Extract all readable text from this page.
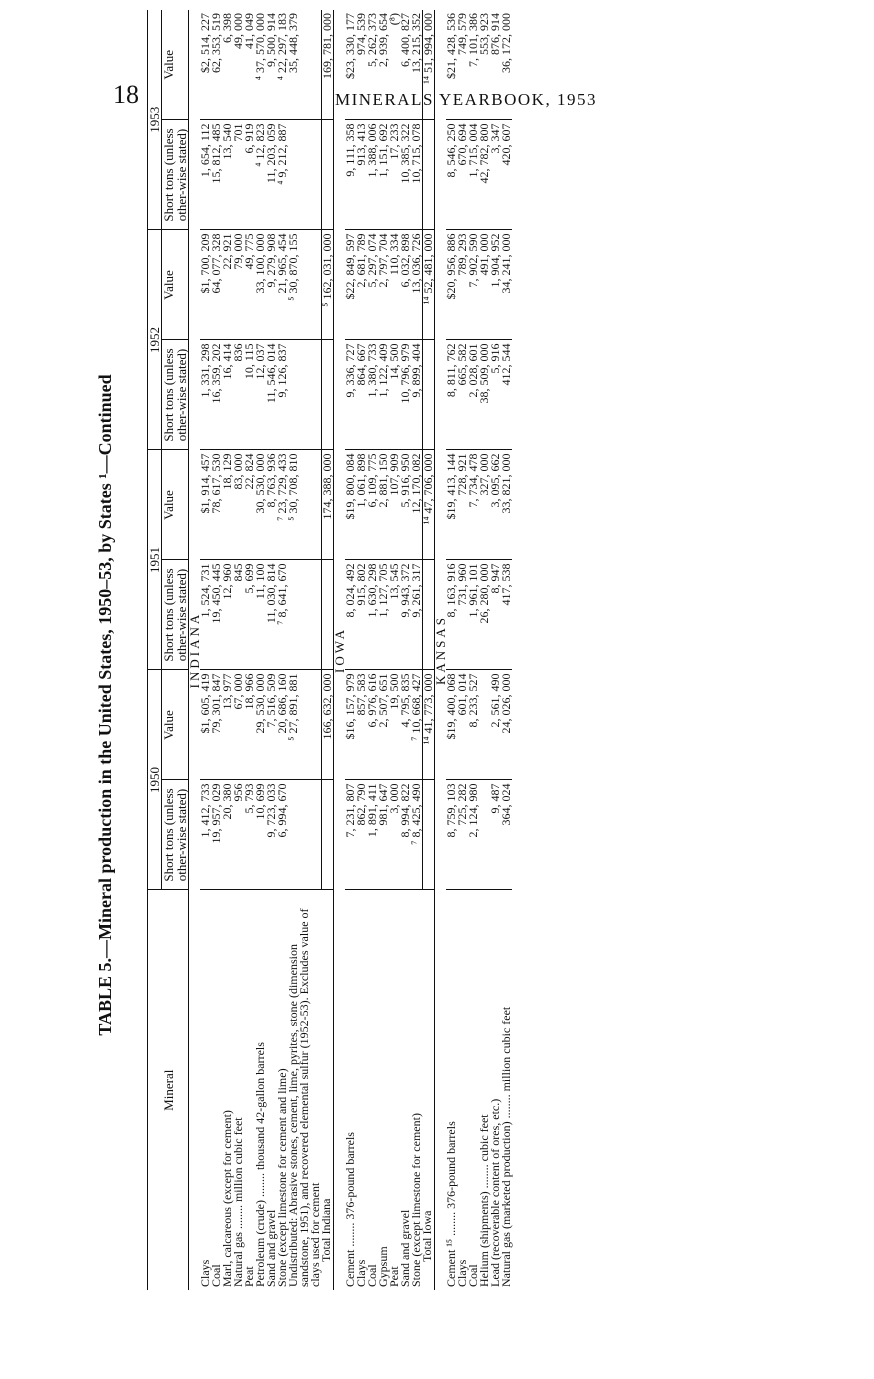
18	MINERALS YEARBOOK, 1953
TABLE 5.—Mineral production in the United States, 1950–53, by States ¹—Continued
Mineral	1950		1951		1952		1953	
	Short tons (unless other-wise stated)	Value	Short tons (unless other-wise stated)	Value	Short tons (unless other-wise stated)	Value	Short tons (unless other-wise stated)	Value
INDIANA								
Clays	1, 412, 733	$1, 605, 419	1, 524, 731	$1, 914, 457	1, 331, 298	$1, 700, 209	1, 654, 112	$2, 514, 227
Coal	19, 957, 029	79, 301, 847	19, 450, 445	78, 617, 530	16, 359, 202	64, 077, 328	15, 812, 485	62, 353, 519
Marl, calcareous (except for cement)	20, 380	13, 977	12, 960	18, 129	16, 414	22, 921	13, 540	6, 398
Natural gas ........ million cubic feet	956	67, 000	845	83, 000	836	79, 000	701	49, 000
Peat	5, 793	18, 966	5, 699	22, 824	10, 115	49, 775	6, 919	41, 049
Petroleum (crude) ........ thousand 42-gallon barrels	10, 699	29, 530, 000	11, 100	30, 530, 000	12, 037	33, 100, 000	⁴ 12, 823	⁴ 37, 570, 000
Sand and gravel	9, 723, 033	7, 516, 509	11, 030, 814	8, 763, 936	11, 546, 014	9, 279, 908	11, 203, 059	9, 500, 914
Stone (except limestone for cement and lime)	6, 994, 670	20, 686, 160	⁷ 8, 641, 670	⁷ 23, 729, 433	9, 126, 837	21, 965, 454	⁴ 9, 212, 887	⁴ 22, 297, 183
Undistributed: Abrasive stones, cement, lime, pyrites, stone (dimension sandstone, 1951), and recovered elemental sulfur (1952-53). Excludes value of clays used for cement		⁵ 27, 891, 881		⁵ 30, 708, 810		⁵ 30, 870, 155		35, 448, 379
Total Indiana		166, 632, 000		174, 388, 000		⁵ 162, 031, 000		169, 781, 000
IOWA								
Cement ........ 376-pound barrels	7, 231, 807	$16, 157, 979	8, 024, 492	$19, 800, 084	9, 336, 727	$22, 849, 597	9, 111, 358	$23, 330, 177
Clays	862, 790	857, 583	915, 802	1, 061, 898	864, 667	2, 681, 789	913, 413	974, 539
Coal	1, 891, 411	6, 976, 616	1, 630, 298	6, 109, 775	1, 380, 733	5, 297, 074	1, 388, 006	5, 262, 373
Gypsum	981, 647	2, 507, 651	1, 127, 705	2, 881, 150	1, 122, 409	2, 797, 704	1, 151, 692	2, 939, 654
Peat	3, 000	19, 500	13, 545	107, 909	14, 500	110, 334	17, 233	(⁸)
Sand and gravel	8, 994, 822	4, 795, 835	9, 943, 372	5, 916, 950	10, 796, 979	6, 032, 898	10, 385, 322	6, 400, 827
Stone (except limestone for cement)	⁷ 8, 425, 490	⁷ 10, 668, 427	9, 261, 317	12, 170, 082	9, 899, 404	13, 036, 726	10, 715, 078	13, 215, 352
Total Iowa		¹⁴ 41, 773, 000		¹⁴ 47, 706, 000		¹⁴ 52, 481, 000		¹⁴ 51, 994, 000
KANSAS								
Cement ¹⁵ ........ 376-pound barrels	8, 759, 103	$19, 400, 068	8, 163, 916	$19, 413, 144	8, 811, 762	$20, 956, 886	8, 546, 250	$21, 428, 536
Clays	725, 282	601, 014	731, 960	728, 921	665, 582	789, 293	670, 694	749, 579
Coal	2, 124, 980	8, 233, 527	1, 961, 101	7, 734, 478	2, 028, 601	7, 902, 590	1, 715, 004	7, 101, 386
Helium (shipments) ........ cubic feet			26, 280, 000	327, 000	38, 509, 000	491, 000	42, 782, 800	553, 923
Lead (recoverable content of ores, etc.)	9, 487	2, 561, 490	8, 947	3, 095, 662	5, 916	1, 904, 952	3, 347	876, 914
Natural gas (marketed production) ........ million cubic feet	364, 024	24, 026, 000	417, 538	33, 821, 000	412, 544	34, 241, 000	420, 607	36, 172, 000
